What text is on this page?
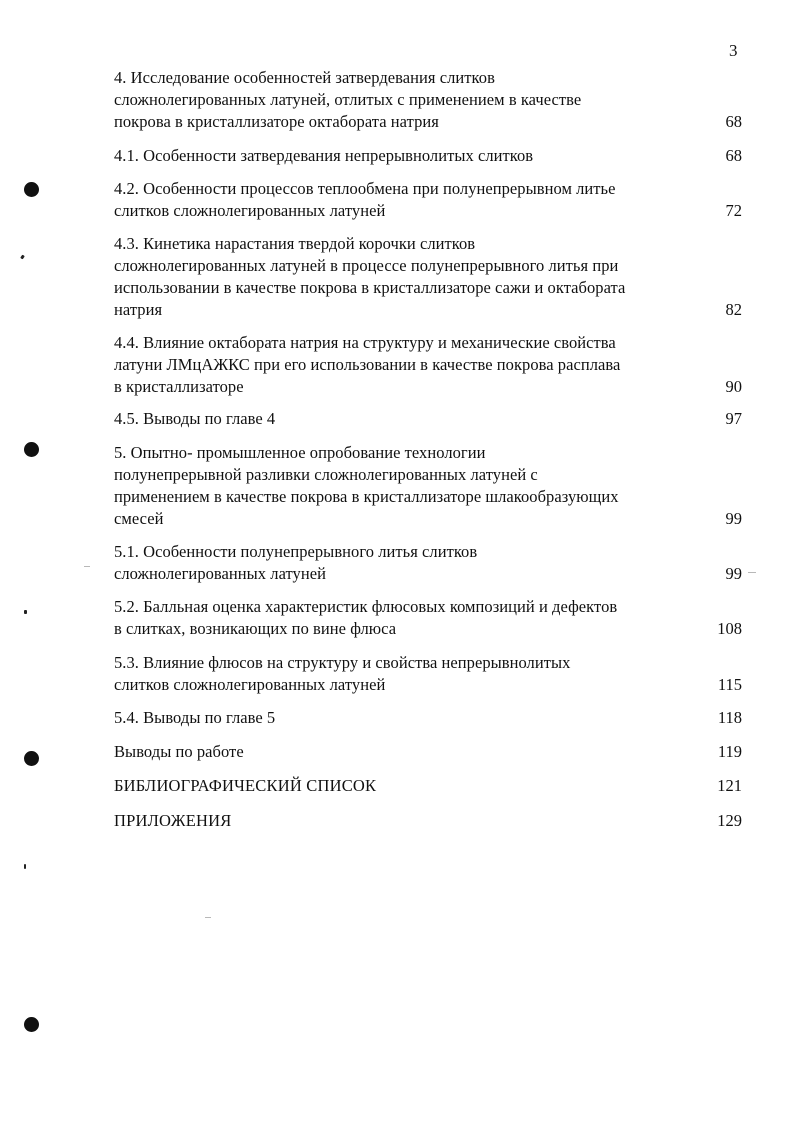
3
4. Исследование особенностей затвердевания слитков
сложнолегированных латуней, отлитых с применением в качестве
покрова в кристаллизаторе октабората натрия	68
4.1. Особенности затвердевания непрерывнолитых слитков	68
4.2. Особенности процессов теплообмена при полунепрерывном литье
слитков сложнолегированных латуней	72
4.3. Кинетика нарастания твердой корочки слитков
сложнолегированных латуней в процессе полунепрерывного литья при
использовании в качестве покрова в кристаллизаторе сажи и октабората
натрия	82
4.4. Влияние октабората натрия на структуру и механические свойства
латуни ЛМцАЖКС при его использовании в качестве покрова расплава
в кристаллизаторе	90
4.5. Выводы по главе 4	97
5. Опытно- промышленное опробование технологии
полунепрерывной разливки сложнолегированных латуней с
применением в качестве покрова в кристаллизаторе шлакообразующих
смесей	99
5.1. Особенности полунепрерывного литья слитков
сложнолегированных латуней	99
5.2. Балльная оценка характеристик флюсовых композиций и дефектов
в слитках, возникающих по вине флюса	108
5.3. Влияние флюсов на структуру и свойства непрерывнолитых
слитков сложнолегированных латуней	115
5.4. Выводы по главе 5	118
Выводы по работе	119
БИБЛИОГРАФИЧЕСКИЙ СПИСОК	121
ПРИЛОЖЕНИЯ	129
